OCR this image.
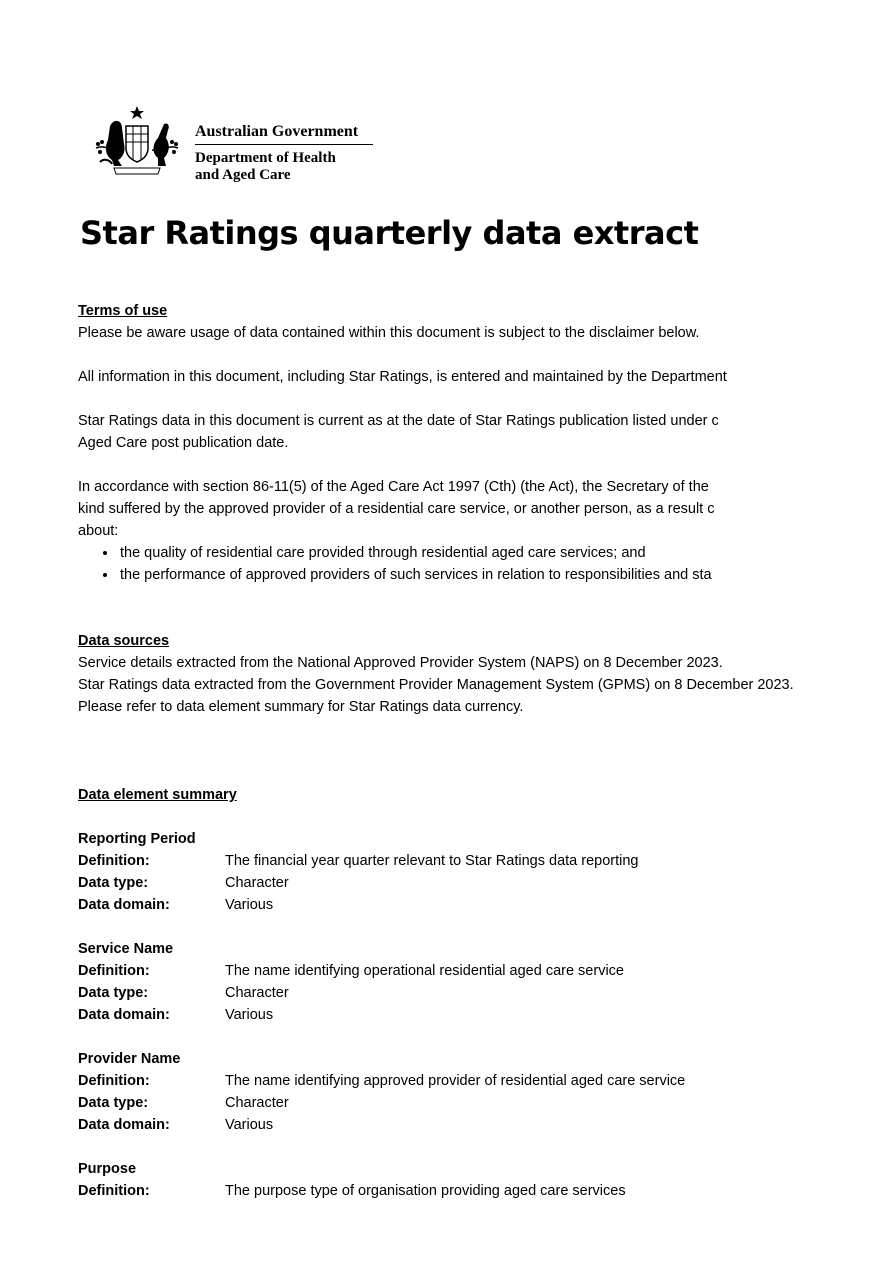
Australian Government
Department of Health
and Aged Care
Star Ratings quarterly data extract
Terms of use
Please be aware usage of data contained within this document is subject to the disclaimer below.
All information in this document, including Star Ratings, is entered and maintained by the Department
Star Ratings data in this document is current as at the date of Star Ratings publication listed under c
Aged Care post publication date.
In accordance with section 86-11(5) of the Aged Care Act 1997 (Cth) (the Act), the Secretary of the
kind suffered by the approved provider of a residential care service, or another person, as a result c
about:
• the quality of residential care provided through residential aged care services; and
• the performance of approved providers of such services in relation to responsibilities and sta
Data sources
Service details extracted from the National Approved Provider System (NAPS) on 8 December 2023.
Star Ratings data extracted from the Government Provider Management System (GPMS) on 8 December 2023.
Please refer to data element summary for Star Ratings data currency.
Data element summary
Reporting Period
Definition:	The financial year quarter relevant to Star Ratings data reporting
Data type:	Character
Data domain:	Various
Service Name
Definition:	The name identifying operational residential aged care service
Data type:	Character
Data domain:	Various
Provider Name
Definition:	The name identifying approved provider of residential aged care service
Data type:	Character
Data domain:	Various
Purpose
Definition:	The purpose type of organisation providing aged care services
